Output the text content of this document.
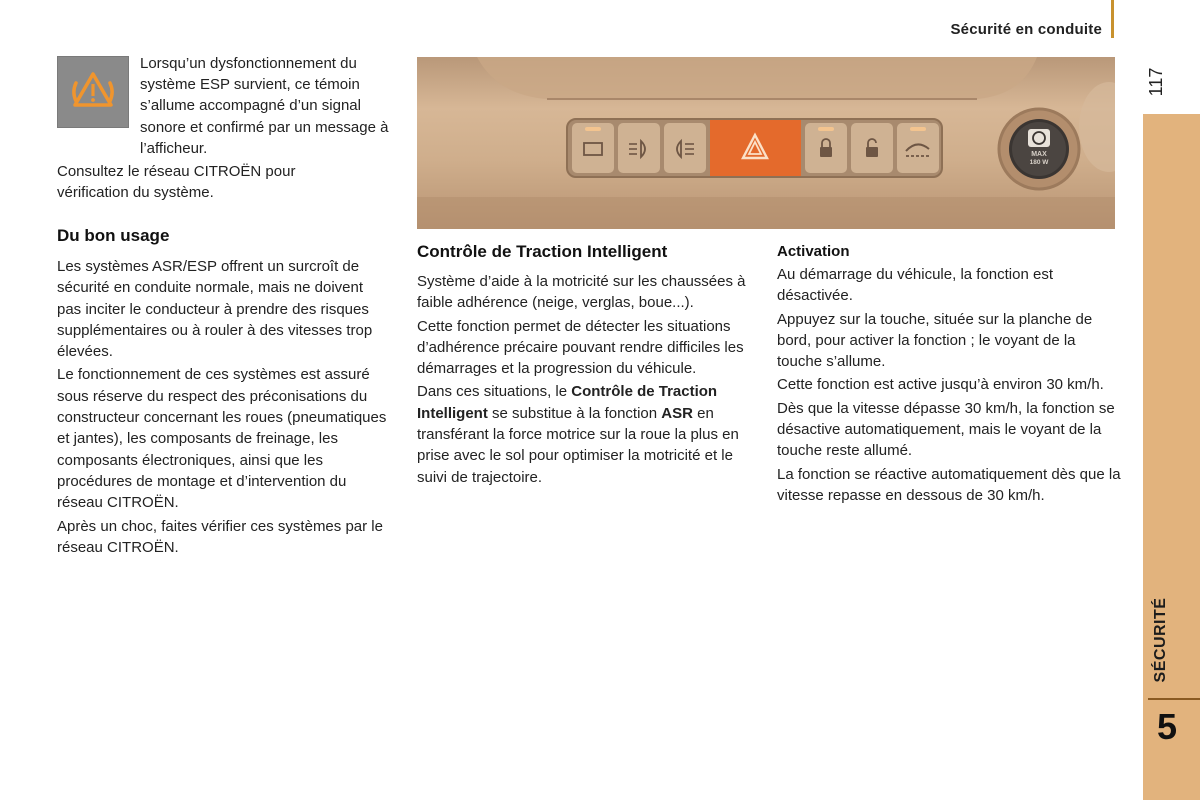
Sécurité en conduite
117
SÉCURITÉ
5
Lorsqu’un dysfonctionnement du système ESP survient, ce témoin s’allume accompagné d’un signal sonore et confirmé par un message à l’afficheur.

Consultez le réseau CITROËN pour vérification du système.

Du bon usage

Les systèmes ASR/ESP offrent un surcroît de sécurité en conduite normale, mais ne doivent pas inciter le conducteur à prendre des risques supplémentaires ou à rouler à des vitesses trop élevées.

Le fonctionnement de ces systèmes est assuré sous réserve du respect des préconisations du constructeur concernant les roues (pneumatiques et jantes), les composants de freinage, les composants électroniques, ainsi que les procédures de montage et d’intervention du réseau CITROËN.

Après un choc, faites vérifier ces systèmes par le réseau CITROËN.

MAX
180 W
Contrôle de Traction Intelligent

Système d’aide à la motricité sur les chaussées à faible adhérence (neige, verglas, boue...).

Cette fonction permet de détecter les situations d’adhérence précaire pouvant rendre difficiles les démarrages et la progression du véhicule.

Dans ces situations, le Contrôle de Traction Intelligent se substitue à la fonction ASR en transférant la force motrice sur la roue la plus en prise avec le sol pour optimiser la motricité et le suivi de trajectoire.

Activation

Au démarrage du véhicule, la fonction est désactivée.

Appuyez sur la touche, située sur la planche de bord, pour activer la fonction ; le voyant de la touche s’allume.

Cette fonction est active jusqu’à environ 30 km/h.

Dès que la vitesse dépasse 30 km/h, la fonction se désactive automatiquement, mais le voyant de la touche reste allumé.

La fonction se réactive automatiquement dès que la vitesse repasse en dessous de 30 km/h.
